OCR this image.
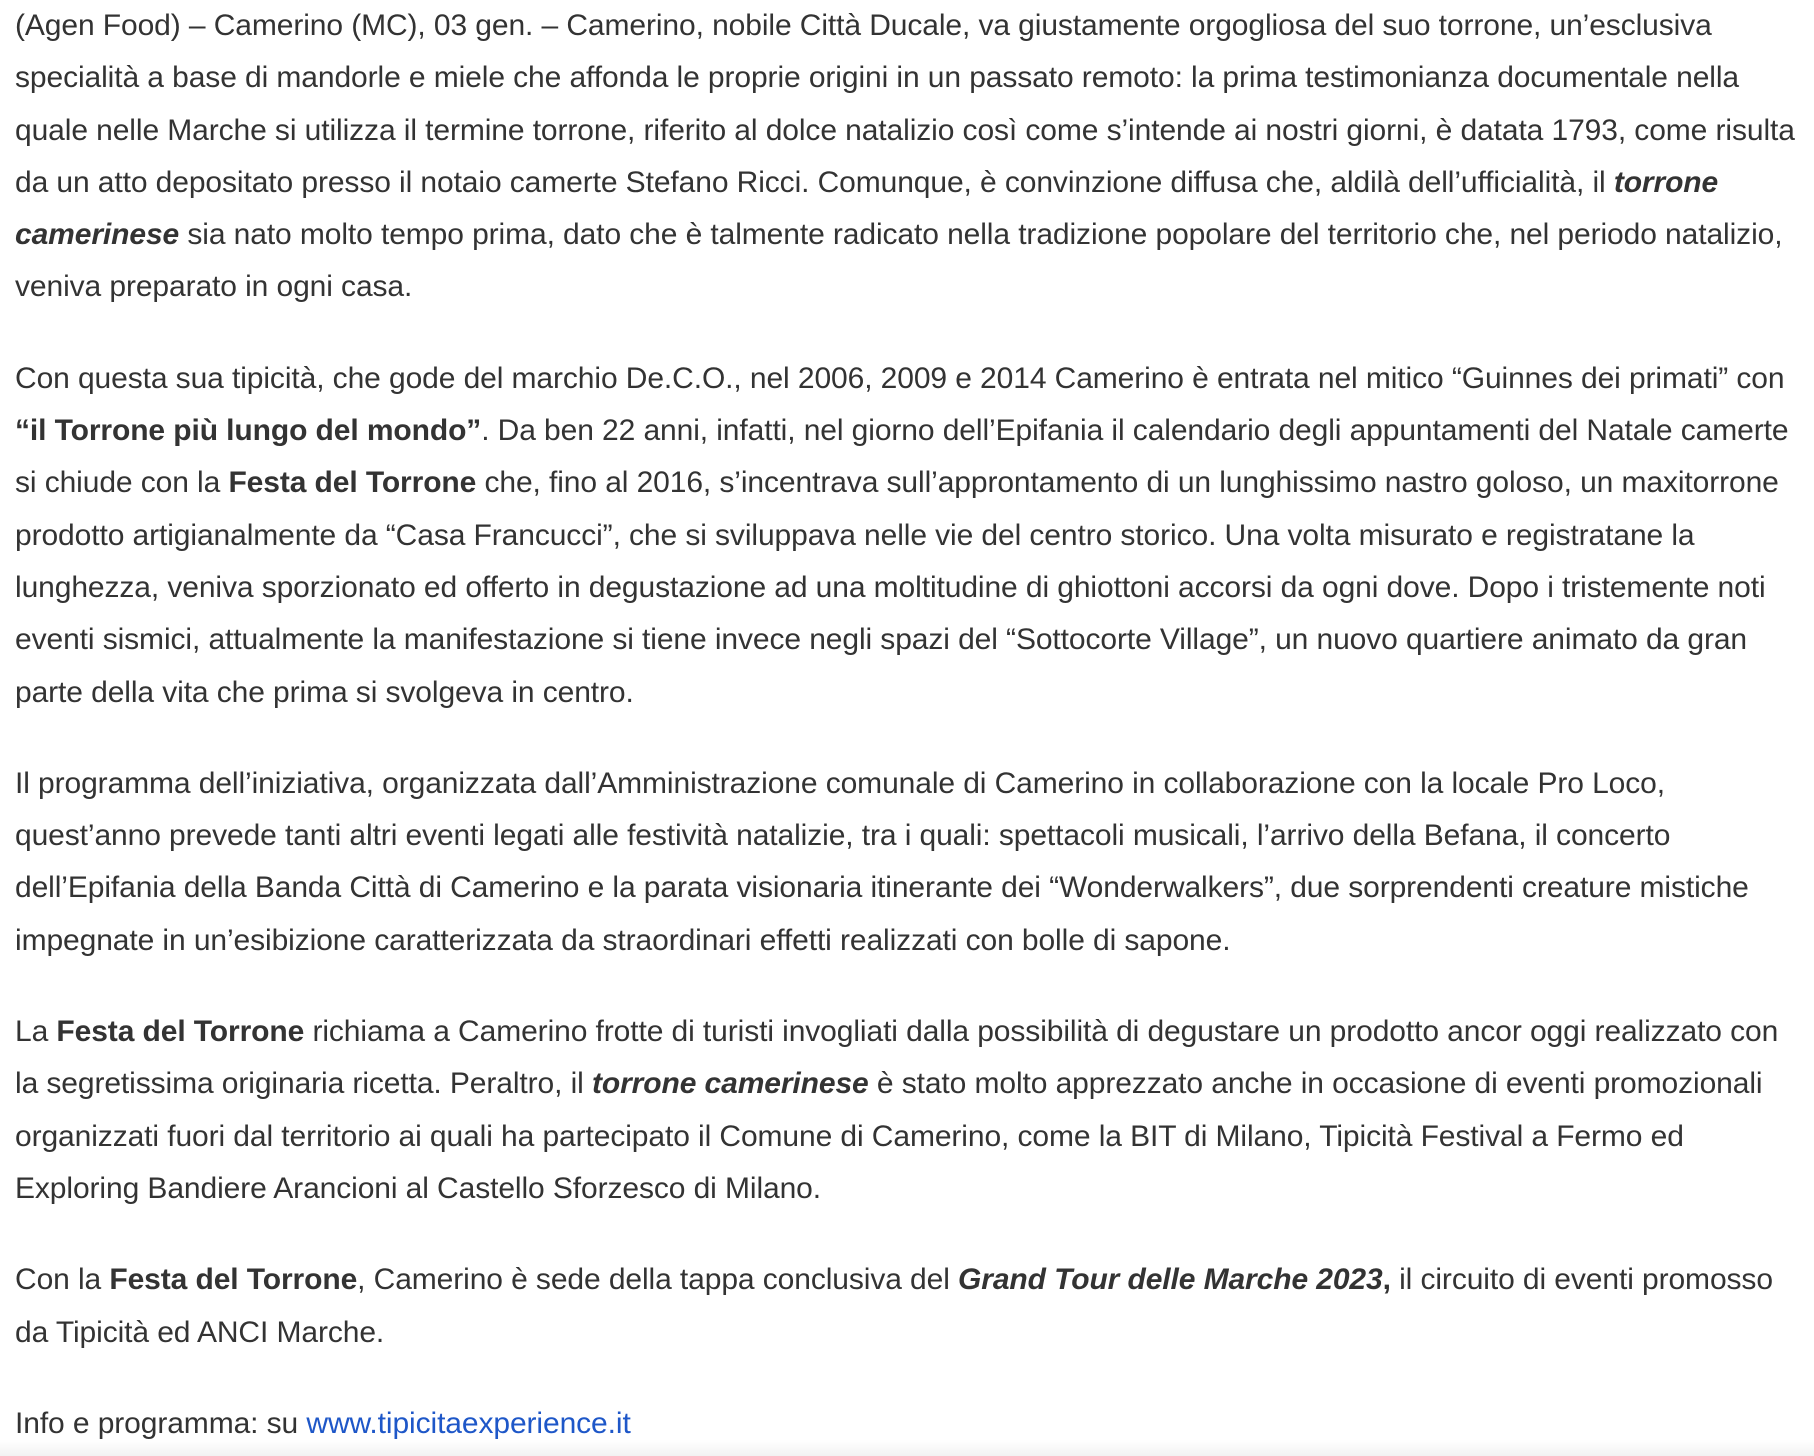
(Agen Food) – Camerino (MC), 03 gen. – Camerino, nobile Città Ducale, va giustamente orgogliosa del suo torrone, un’esclusiva specialità a base di mandorle e miele che affonda le proprie origini in un passato remoto: la prima testimonianza documentale nella quale nelle Marche si utilizza il termine torrone, riferito al dolce natalizio così come s’intende ai nostri giorni, è datata 1793, come risulta da un atto depositato presso il notaio camerte Stefano Ricci. Comunque, è convinzione diffusa che, aldilà dell’ufficialità, il torrone camerinese sia nato molto tempo prima, dato che è talmente radicato nella tradizione popolare del territorio che, nel periodo natalizio, veniva preparato in ogni casa.

Con questa sua tipicità, che gode del marchio De.C.O., nel 2006, 2009 e 2014 Camerino è entrata nel mitico “Guinnes dei primati” con “il Torrone più lungo del mondo”. Da ben 22 anni, infatti, nel giorno dell’Epifania il calendario degli appuntamenti del Natale camerte si chiude con la Festa del Torrone che, fino al 2016, s’incentrava sull’approntamento di un lunghissimo nastro goloso, un maxitorrone prodotto artigianalmente da “Casa Francucci”, che si sviluppava nelle vie del centro storico. Una volta misurato e registratane la lunghezza, veniva sporzionato ed offerto in degustazione ad una moltitudine di ghiottoni accorsi da ogni dove. Dopo i tristemente noti eventi sismici, attualmente la manifestazione si tiene invece negli spazi del “Sottocorte Village”, un nuovo quartiere animato da gran parte della vita che prima si svolgeva in centro.

Il programma dell’iniziativa, organizzata dall’Amministrazione comunale di Camerino in collaborazione con la locale Pro Loco, quest’anno prevede tanti altri eventi legati alle festività natalizie, tra i quali: spettacoli musicali, l’arrivo della Befana, il concerto dell’Epifania della Banda Città di Camerino e la parata visionaria itinerante dei “Wonderwalkers”, due sorprendenti creature mistiche impegnate in un’esibizione caratterizzata da straordinari effetti realizzati con bolle di sapone.

La Festa del Torrone richiama a Camerino frotte di turisti invogliati dalla possibilità di degustare un prodotto ancor oggi realizzato con la segretissima originaria ricetta. Peraltro, il torrone camerinese è stato molto apprezzato anche in occasione di eventi promozionali organizzati fuori dal territorio ai quali ha partecipato il Comune di Camerino, come la BIT di Milano, Tipicità Festival a Fermo ed Exploring Bandiere Arancioni al Castello Sforzesco di Milano.

Con la Festa del Torrone, Camerino è sede della tappa conclusiva del Grand Tour delle Marche 2023, il circuito di eventi promosso da Tipicità ed ANCI Marche.

Info e programma: su www.tipicitaexperience.it
